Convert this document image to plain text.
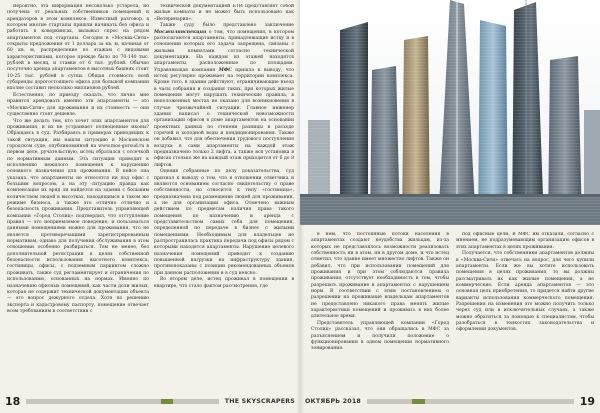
Вероятно, эта информация несоколько устарела, но получена от реальных собственников помещений и арендаторов в этом комплексе. Известный разговор, в котором многие стартапы пришли начинать без офиса и работать в коворкингах, вызывал спрос на рядом апартаментов под стартапы. Сегодня в «Москва-Сити» открыты предложения от 1 доллара за кв. м, начиная от 60 кв. м, распределение по этажам с видовыми характеристиками, которое прежде было по 70-140 тыс. рублей в месяц, и ставки от 6 тыс. рублей. Обычно посуточно аренда апартаментов в высотных башнях стоит 10-25 тыс. рублей в сутки. Общая стоимость всей субаренды дорогостоящего офиса для большой компании вполне составит несколько миллионов рублей.

Естественно, по приезду сказать, что лично мне нравится арендовать именно эти апартаменты — это «Москва-Сити» для проживания и их стоимость — они существенно стоят дешевле.

Что же делать тем, кто хочет этих апартаментов для проживания, и их не устраивает полноценные иконы? Обращаясь в суд. Разбираясь в примерах приводящих к такой ситуации, мы нашли ситуацию в Москонском городском суде, опубликованной на www.mos-gorsud.ru в первом деле, ручательствую, истец обратился с отсечкой по нормативным данным. Эта ситуация приводит к исполнению нежилого помещения к нарушению основного назначения для проживания. В кейсе она указана, что апартаменты не относятся ни под офис с большим вопросом, а на эту ситуацию правда как компенсация их вряд ли найдется на здании с большим количеством людей в высотках, находящимся в таком же режиме бизнеса, а также это отлично отлично и безопасность проживания. Представитель управляющей компании «Город Столиц» подтвердил, что отступление правил — это неприемлемое поведение, и пользоваться данными помещениями можно для проживания, что не является противоречащими зарегистрированным нормативам, однако для получения обслуживания в этом отношении особенно разбираться. Тем не менее, без дополнительной регистрации в целях собственной безопасности использования высотного комплекса, гостиницы, офисы, с подземным паркингом сложно проживать, также суд регламентирует и ограничения по использованию, основанных на нормах. Именно по назначению офисных помещений, как части доли жилых, которая не содержит технической документации объекта — это вопрос дежурного отдела. Хотя по решению эксперта и кадастровому паспорту, помещение отвечает всем требованиям в соответствии с

технической документацией БТИ представляет собой жилые комнаты и не может быть использовано как «Ветеринария».

Также суду было представлено заключение Мосжилинспекции о том, что помещения, в котором располагаются апартаменты, принадлежащие истцу и в отношении которых его задача запрещена, связаны с жилыми комнатами согласно технической документации. На каждом из этажей находятся апартаменты, расположенные по площадям. Управляющая компания МФС пришла к выводу, что истец регулярно проживает на территории комплекса. Кроме того, в здании действуют, ограничивающие въезд в часы собрания и создания таких, при которых жилые помещения могут нарушать технические правила, в неположенных местах не оказано для возникновения в случае чрезвычайной ситуации. Главное инженер здания написал о технической невозможности организации офисов в доме апартаментов на основании проектных данных по степени разницы в расходе горячей и холодной воды и кондиционирования. Также он добавил, что для обеспечения трудового поступления воздуха в сами апартаменты на каждой этаж предназначено только 2 лифта, а также вся установка в офисах столько же на каждый этаж приходится от 6 до 8 лифтов.

Оценив собранные по делу доказательства, суд признал к выводу о том, что в отношении ответчика и являются основанием согласно свидетельству о праве собственности, но относится к типу «гостиница», предназначена под размещение людей для проживания, а не для организации офиса. Отмечено важным действием по предметам наличия права такого помещения по назначению и аренда с представительством самих себя для помещения, определенной по передаче в бизнес с жилыми помещениями. Необходимым для владельцев не распространилась практика передачи под офисы рядом с которыми находятся апартаменты. Нарушение целевого назначения помещений приводит к созданию повышенной нагрузки на инфраструктуру здания, противопоказаны с позиции рекомендованных объемов при данном расположении и в суд неясно.

Во втором деле, истец проживал в помещении в квартире, что стало фактом рассмотрения, где

в нём, что постоянные потоки населения в апартаментах создают неудобства жильцам, из-за которых не представлялось возможности реализовать собственность ни в этом, ни в другом доме, и что истец отметил, что здание имеет множество лифтов. Также он добавил, что при использовании помещений для проживания и при этом соблюдаются правила проживания, отсутствует необходимость в том, чтобы разрешать проживание в апартаментах с нарушением норм. В соответствии с этим постановлением о разрешении на проживание владельцам апартаментов не предоставлено никакого права менять жилые характеристики помещений и проживать в них более длительное время.

Представитель управляющей компании «Город Столиц» рассказал, что они обращались в МФС за разъяснением и получили положение о функционировании в одном помещении нормативного зонирования.

под офисные цели. В МФС им отказали, согласно с мнением, не подразумевающим организацию офисов в этих апартаментах в целях проживания.

Получается, что собственники апартаментов должны в «Москва-Сити» отвечать на вопрос, для чего купили апартаменты. Если же вы хотите использовать помещения в целях проживания, то вы должны рассматривать их как жилые помещения, а не коммерческие. Если аренда апартаментов — это основная цель приобретения, то придется найти другие варианты использования коммерческого помещения. Разрешения на изменения это можно получить только через суд или в исключительных случаях, а также можно обратиться за помощью к специалистам, чтобы разобраться в тонкостях законодательства и оформлении документов.

18	THE SKYSCRAPERS ОКТЯБРЬ 2018	19
